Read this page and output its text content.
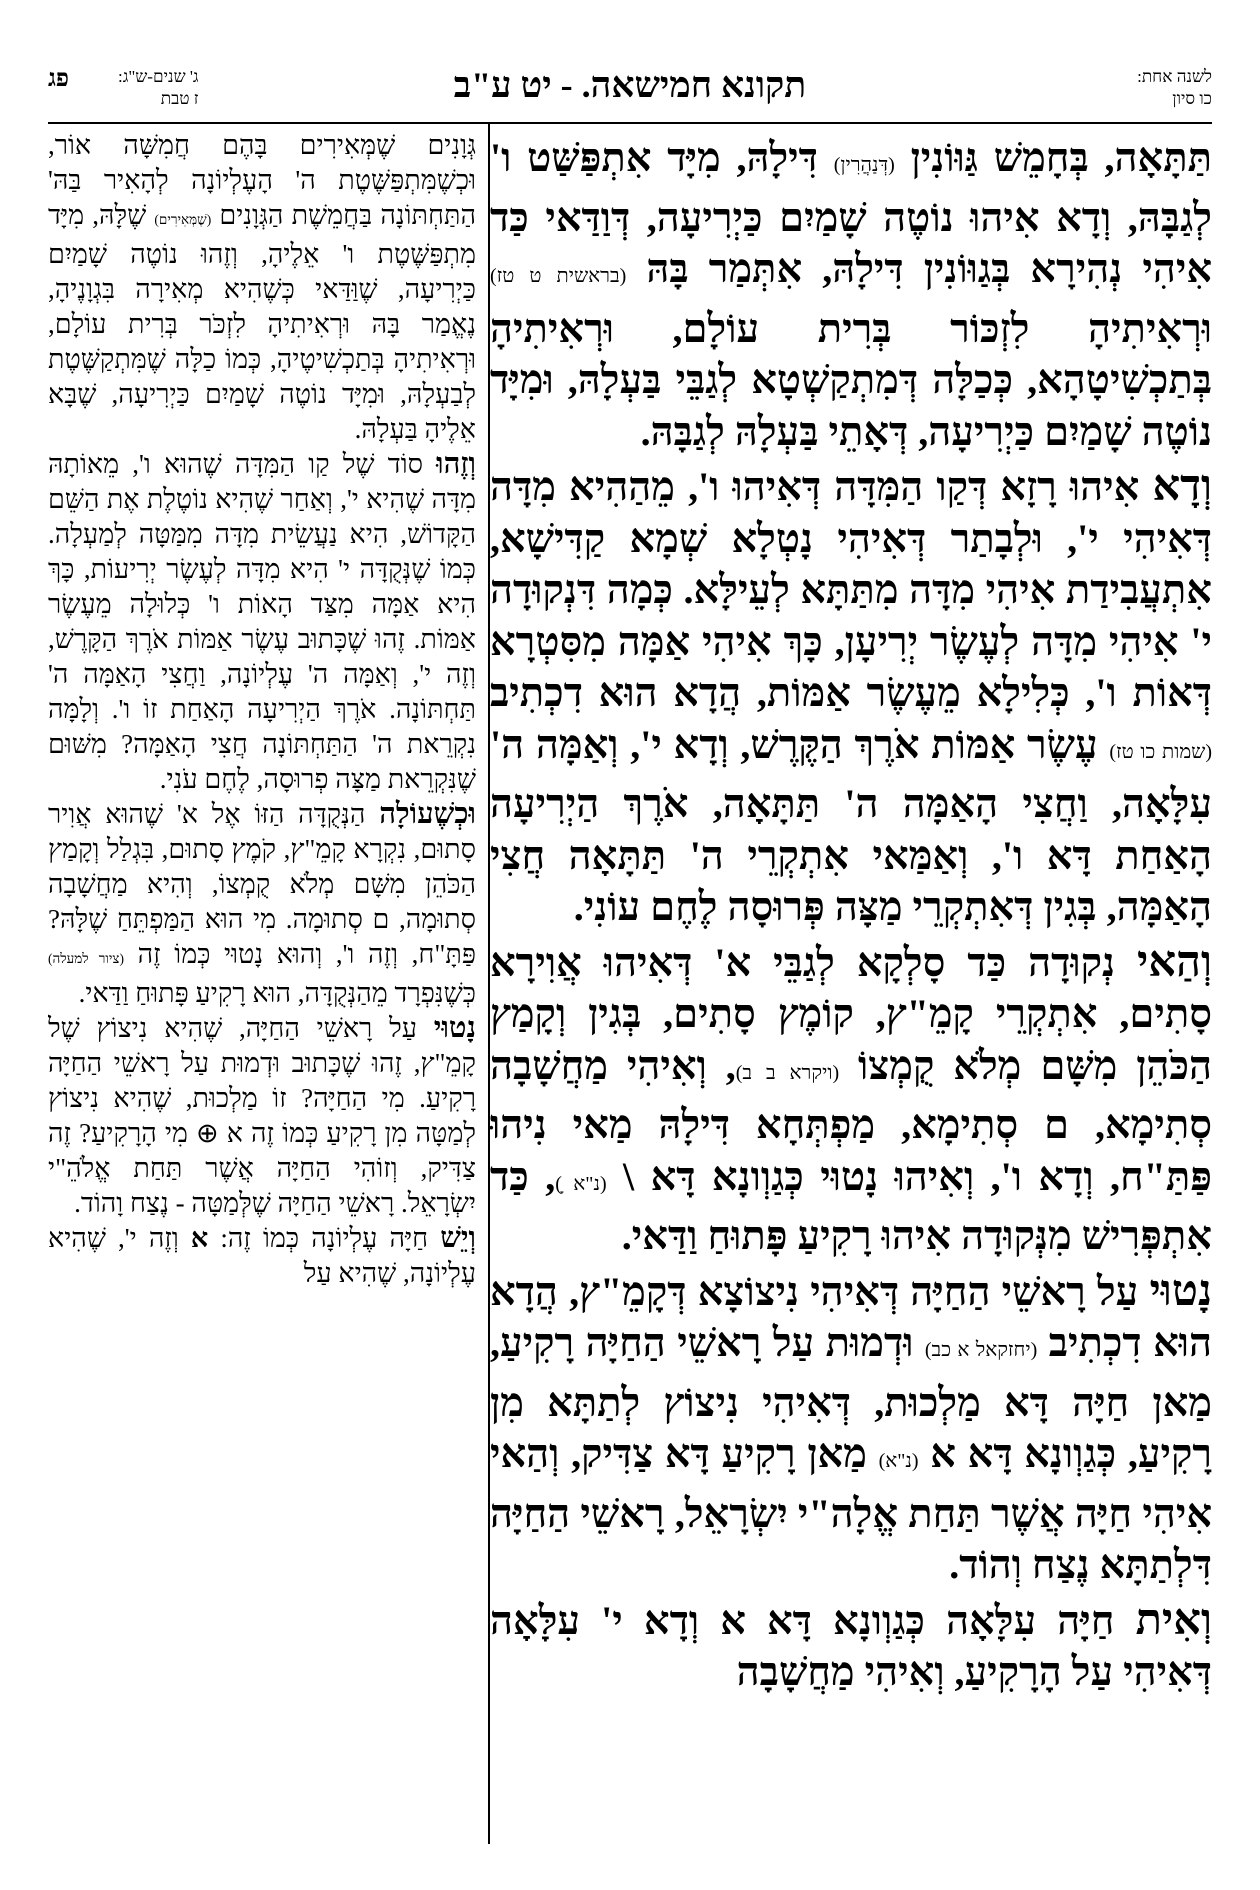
לשנה אחת:
כו סיון
תקונא חמישאה. - יט ע"ב
ג' שנים-ש"ג:
ז טבת
פג

תַּתָּאָה, בְּחָמֵשׁ גַּוּוֹנִין (דְּנַהֲרִין) דִּילָהּ, מִיָּד אִתְפַּשַּׁט ו' לְגַבָּהּ, וְדָא אִיהוּ נוֹטֶה שָׁמַיִם כַּיְרִיעָה, דְּוַדַּאי כַּד אִיהִי נְהִירָא בְּגַוּוֹנִין דִּילָהּ, אִתְּמַר בָּהּ (בראשית ט טז) וּרְאִיתִיהָ לִזְכּוֹר בְּרִית עוֹלָם, וּרְאִיתִיהָ בְּתַכְשִׁיטָהָא, כְּכַלָּה דְּמִתְקַשְׁטָא לְגַבֵּי בַּעְלָהּ, וּמִיָּד נוֹטֶה שָׁמַיִם כַּיְרִיעָה, דְּאָתֵי בַּעְלָהּ לְגַבָּהּ.

וְדָא אִיהוּ רָזָא דְּקַו הַמִּדָּה דְּאִיהוּ ו', מֵהַהִיא מִדָּה דְּאִיהִי י', וּלְבָתַר דְּאִיהִי נָטְלָא שְׁמָא קַדִּישָׁא, אִתְעֲבִידַת אִיהִי מִדָּה מִתַּתָּא לְעֵילָּא. כְּמָה דִּנְקוּדָה י' אִיהִי מִדָּה לְעֶשֶׂר יְרִיעָן, כָּךְ אִיהִי אַמָּה מִסִּטְרָא דְּאוֹת ו', כְּלִילָא מֵעֶשֶׂר אַמּוֹת, הֲדָא הוּא דִכְתִיב (שמות כו טז) עֶשֶׂר אַמּוֹת אֹרֶךְ הַקֶּרֶשׁ, וְדָא י', וְאַמָּה ה' עִלָּאָה, וַחֲצִי הָאַמָּה ה' תַּתָּאָה, אֹרֶךְ הַיְרִיעָה הָאַחַת דָּא ו', וְאַמַּאי אִתְקְרֵי ה' תַּתָּאָה חֲצִי הָאַמָּה, בְּגִין דְּאִתְקְרֵי מַצָּה פְּרוּסָה לֶחֶם עוֹנִי.

וְהַאי נְקוּדָה כַּד סָלְקָא לְגַבֵּי א' דְּאִיהוּ אֲוִירָא סָתִים, אִתְקְרֵי קָמֵ"ץ, קוֹמֶץ סָתִים, בְּגִין וְקָמַץ הַכֹּהֵן מִשָּׁם מְלֹא קֻמְצוֹ (ויקרא ב ב), וְאִיהִי מַחֲשָׁבָה סְתִימָא, ם סְתִימָא, מַפְתְּחָא דִּילָהּ מַאי נִיהוּ פַּתַּ"ח, וְדָא ו', וְאִיהוּ נָטוּי כְּגַוְונָא דָּא \ (נ"א ָ), כַּד אִתְפְּרִישׁ מִנְּקוּדָה אִיהוּ רָקִיעַ פָּתוּחַ וַדַּאי.

נָטוּי עַל רָאשֵׁי הַחַיָּה דְּאִיהִי נִיצוֹצָא דְּקָמֵ"ץ, הֲדָא הוּא דִכְתִיב (יחזקאל א כב) וּדְמוּת עַל רָאשֵׁי הַחַיָּה רָקִיעַ, מַאן חַיָּה דָּא מַלְכוּת, דְּאִיהִי נִיצוֹץ לְתַתָּא מִן רָקִיעַ, כְּגַוְונָא דָּא א (נ"א) מַאן רָקִיעַ דָּא צַדִּיק, וְהַאי אִיהִי חַיָּה אֲשֶׁר תַּחַת אֱלָה"י יִשְׂרָאֵל, רָאשֵׁי הַחַיָּה דִּלְתַתָּא נֶצַח וְהוֹד.

וְאִית חַיָּה עִלָּאָה כְּגַוְונָא דָּא א וְדָא י' עִלָּאָה דְּאִיהִי עַל הָרָקִיעַ, וְאִיהִי מַחֲשָׁבָה

גְּוָנִים שֶׁמְּאִירִים בָּהֶם חֲמִשָּׁה אוֹר, וּכְשֶׁמִּתְפַּשֶּׁטֶת ה' הָעֶלְיוֹנָה לְהָאִיר בַּהּ' הַתַּחְתּוֹנָה בַּחֲמֵשֶׁת הַגְּוָנִים (שֶׁמְּאִירִים) שֶׁלָּהּ, מִיָּד מִתְפַּשֶּׁטֶת ו' אֵלֶיהָ, וְזֶהוּ נוֹטֶה שָׁמַיִם כַּיְרִיעָה, שֶׁוַּדַּאי כְּשֶׁהִיא מְאִירָה בִּגְוָנֶיהָ, נֶאֱמַר בָּהּ וּרְאִיתִיהָ לִזְכֹּר בְּרִית עוֹלָם, וּרְאִיתִיהָ בְּתַכְשִׁיטֶיהָ, כְּמוֹ כַלָּה שֶׁמִּתְקַשֶּׁטֶת לְבַעְלָהּ, וּמִיָּד נוֹטֶה שָׁמַיִם כַּיְרִיעָה, שֶׁבָּא אֵלֶיהָ בַּעְלָהּ.

וְזֶהוּ סוֹד שֶׁל קַו הַמִּדָּה שֶׁהוּא ו', מֵאוֹתָהּ מִדָּה שֶׁהִיא י', וְאַחַר שֶׁהִיא נוֹטֶלֶת אֶת הַשֵּׁם הַקָּדוֹשׁ, הִיא נַעֲשֵׂית מִדָּה מִמַּטָּה לְמַעְלָה. כְּמוֹ שֶׁנְּקֻדָּה י' הִיא מִדָּה לְעֶשֶׂר יְרִיעוֹת, כָּךְ הִיא אַמָּה מִצַּד הָאוֹת ו' כְּלוּלָה מֵעֶשֶׂר אַמּוֹת. זֶהוּ שֶׁכָּתוּב עֶשֶׂר אַמּוֹת אֹרֶךְ הַקָּרֶשׁ, וְזֶה י', וְאַמָּה ה' עֶלְיוֹנָה, וַחֲצִי הָאַמָּה ה' תַּחְתּוֹנָה. אֹרֶךְ הַיְרִיעָה הָאַחַת זוֹ ו'. וְלָמָּה נִקְרֵאת ה' הַתַּחְתּוֹנָה חֲצִי הָאַמָּה? מִשּׁוּם שֶׁנִּקְרֵאת מַצָּה פְרוּסָה, לֶחֶם עֹנִי.

וּכְשֶׁעוֹלָה הַנְּקֻדָּה הַזּוֹ אֶל א' שֶׁהוּא אֲוִיר סָתוּם, נִקְרָא קָמֵ"ץ, קֹמֶץ סָתוּם, בִּגְלַל וְקָמַץ הַכֹּהֵן מִשָּׁם מְלֹא קֻמְצוֹ, וְהִיא מַחֲשָׁבָה סְתוּמָה, ם סְתוּמָה. מִי הוּא הַמַּפְתֵּחַ שֶׁלָּהּ? פַּתָּ"ח, וְזֶה ו', וְהוּא נָטוּי כְּמוֹ זֶה (ציור למעלה) כְּשֶׁנִּפְרָד מֵהַנְּקֻדָּה, הוּא רָקִיעַ פָּתוּחַ וַדַּאי.

נָטוּי עַל רָאשֵׁי הַחַיָּה, שֶׁהִיא נִיצוֹץ שֶׁל קָמֵ"ץ, זֶהוּ שֶׁכָּתוּב וּדְמוּת עַל רָאשֵׁי הַחַיָּה רָקִיעַ. מִי הַחַיָּה? זוֹ מַלְכוּת, שֶׁהִיא נִיצוֹץ לְמַטָּה מִן רָקִיעַ כְּמוֹ זֶה א ⊕ מִי הָרָקִיעַ? זֶה צַדִּיק, וְזוֹהִי הַחַיָּה אֲשֶׁר תַּחַת אֱלֹהֵ"י יִשְׂרָאֵל. רָאשֵׁי הַחַיָּה שֶׁלְּמַטָּה - נֶצַח וָהוֹד.

וְיֵשׁ חַיָּה עֶלְיוֹנָה כְּמוֹ זֶה: א וְזֶה י', שֶׁהִיא עֶלְיוֹנָה, שֶׁהִיא עַל
